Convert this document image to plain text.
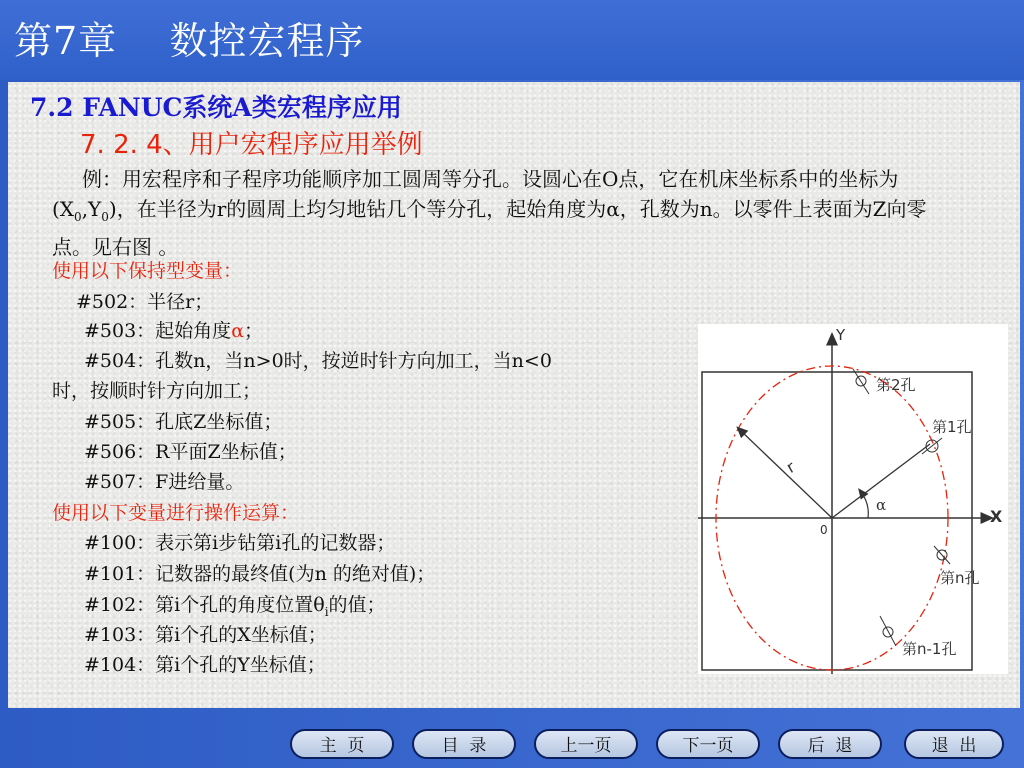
第7章    数控宏程序
7.2 FANUC系统A类宏程序应用
7. 2. 4、用户宏程序应用举例
例：用宏程序和子程序功能顺序加工圆周等分孔。设圆心在O点，它在机床坐标系中的坐标为$(X_0,Y_0)$，在半径为r的圆周上均匀地钻几个等分孔，起始角度为α，孔数为n。以零件上表面为Z向零点。见右图 。
使用以下保持型变量：
#502：半径r；
#503：起始角度α；
#504：孔数n，当n>0时，按逆时针方向加工，当n<0
时，按顺时针方向加工；
#505：孔底Z坐标值；
#506：R平面Z坐标值；
#507：F进给量。
使用以下变量进行操作运算：
#100：表示第i步钻第i孔的记数器；
#101：记数器的最终值(为n 的绝对值)；
#102：第i个孔的角度位置$\theta_i$的值；
#103：第i个孔的X坐标值；
#104：第i个孔的Y坐标值；
Y
X
0
r
α
第2孔
第1孔
第n孔
第n-1孔
主  页	目  录	上一页	下一页	后  退	退  出
